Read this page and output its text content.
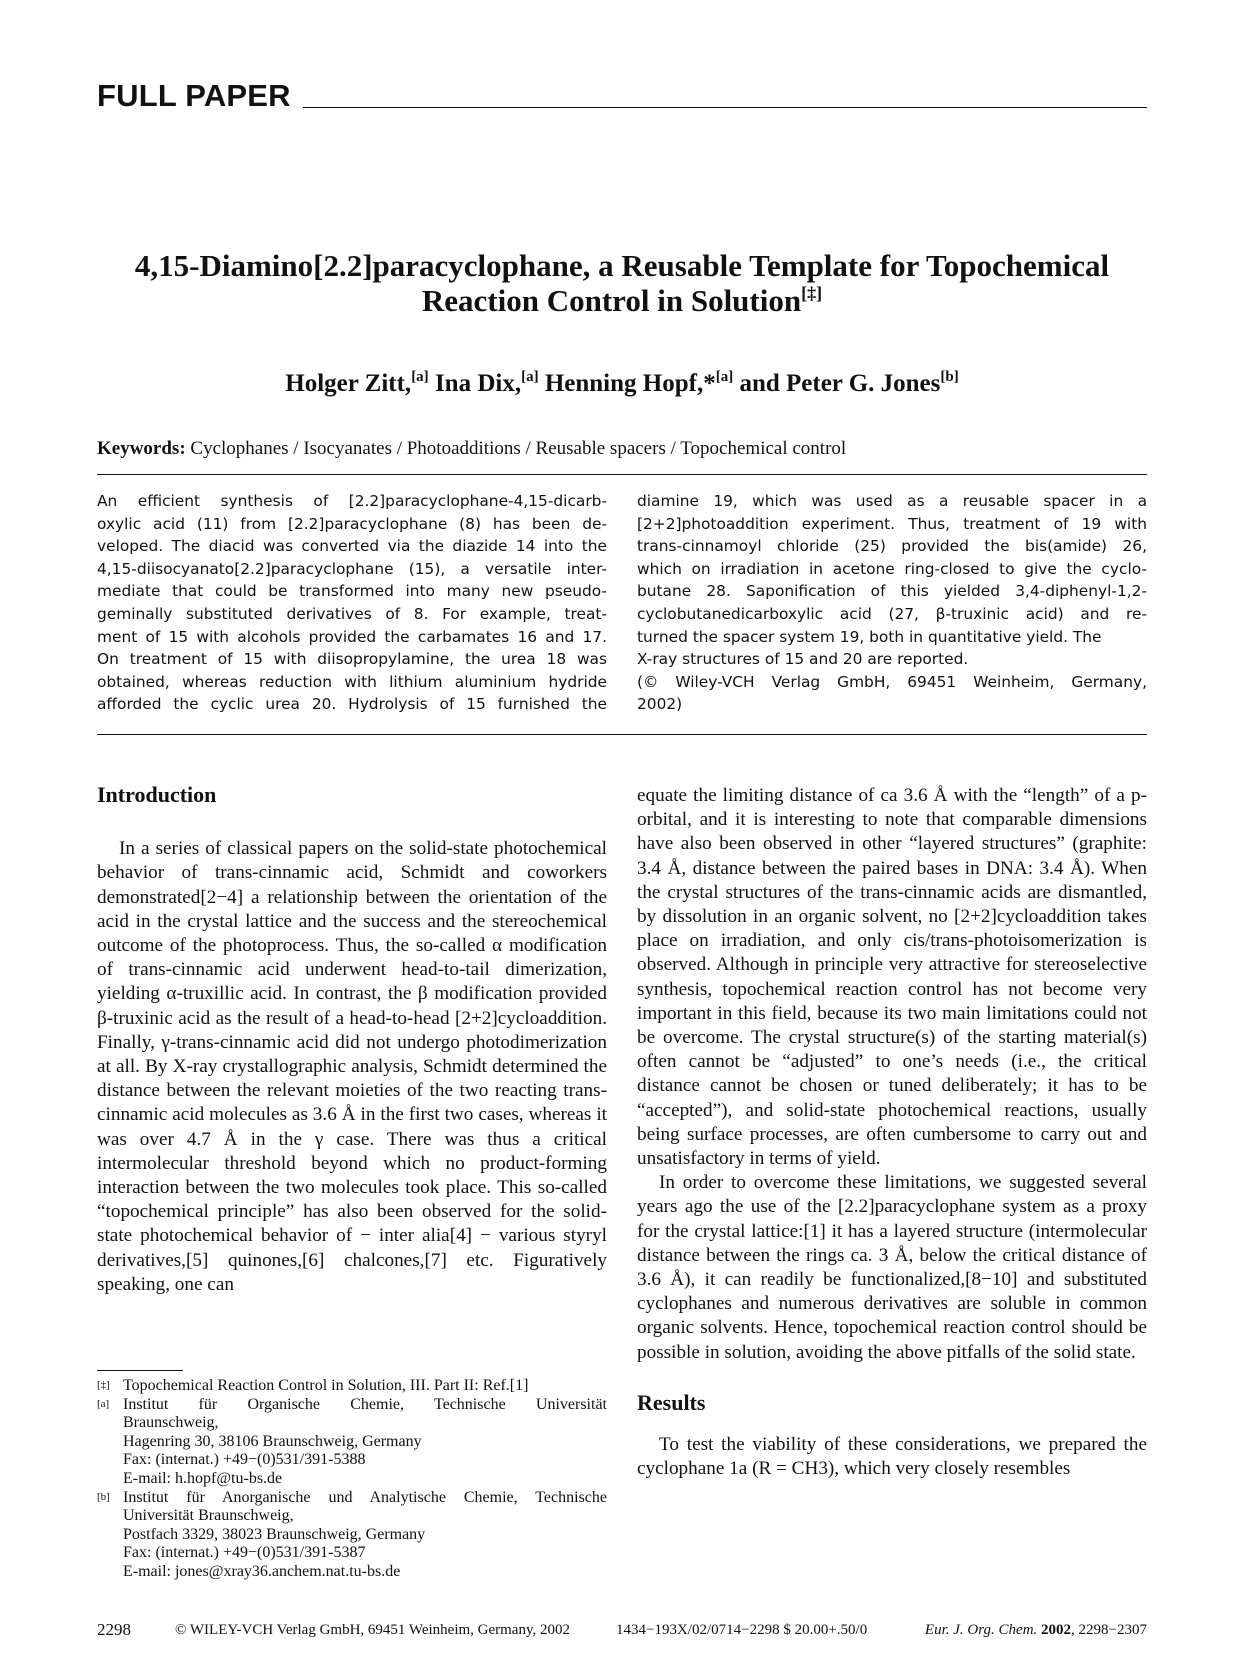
FULL PAPER
4,15-Diamino[2.2]paracyclophane, a Reusable Template for Topochemical
Reaction Control in Solution[‡]
Holger Zitt,[a] Ina Dix,[a] Henning Hopf,*[a] and Peter G. Jones[b]
Keywords: Cyclophanes / Isocyanates / Photoadditions / Reusable spacers / Topochemical control

An efficient synthesis of [2.2]paracyclophane-4,15-dicarb-
oxylic acid (11) from [2.2]paracyclophane (8) has been de-
veloped. The diacid was converted via the diazide 14 into the
4,15-diisocyanato[2.2]paracyclophane (15), a versatile inter-
mediate that could be transformed into many new pseudo-
geminally substituted derivatives of 8. For example, treat-
ment of 15 with alcohols provided the carbamates 16 and 17.
On treatment of 15 with diisopropylamine, the urea 18 was
obtained, whereas reduction with lithium aluminium hydride
afforded the cyclic urea 20. Hydrolysis of 15 furnished the

diamine 19, which was used as a reusable spacer in a
[2+2]photoaddition experiment. Thus, treatment of 19 with
trans-cinnamoyl chloride (25) provided the bis(amide) 26,
which on irradiation in acetone ring-closed to give the cyclo-
butane 28. Saponification of this yielded 3,4-diphenyl-1,2-
cyclobutanedicarboxylic acid (27, β-truxinic acid) and re-
turned the spacer system 19, both in quantitative yield. The
X-ray structures of 15 and 20 are reported.
(© Wiley-VCH Verlag GmbH, 69451 Weinheim, Germany,
2002)

Introduction

In a series of classical papers on the solid-state photochemical behavior of trans-cinnamic acid, Schmidt and coworkers demonstrated[2−4] a relationship between the orientation of the acid in the crystal lattice and the success and the stereochemical outcome of the photoprocess. Thus, the so-called α modification of trans-cinnamic acid underwent head-to-tail dimerization, yielding α-truxillic acid. In contrast, the β modification provided β-truxinic acid as the result of a head-to-head [2+2]cycloaddition. Finally, γ-trans-cinnamic acid did not undergo photodimerization at all. By X-ray crystallographic analysis, Schmidt determined the distance between the relevant moieties of the two reacting trans-cinnamic acid molecules as 3.6 Å in the first two cases, whereas it was over 4.7 Å in the γ case. There was thus a critical intermolecular threshold beyond which no product-forming interaction between the two molecules took place. This so-called “topochemical principle” has also been observed for the solid-state photochemical behavior of − inter alia[4] − various styryl derivatives,[5] quinones,[6] chalcones,[7] etc. Figuratively speaking, one can

equate the limiting distance of ca 3.6 Å with the “length” of a p-orbital, and it is interesting to note that comparable dimensions have also been observed in other “layered structures” (graphite: 3.4 Å, distance between the paired bases in DNA: 3.4 Å). When the crystal structures of the trans-cinnamic acids are dismantled, by dissolution in an organic solvent, no [2+2]cycloaddition takes place on irradiation, and only cis/trans-photoisomerization is observed. Although in principle very attractive for stereoselective synthesis, topochemical reaction control has not become very important in this field, because its two main limitations could not be overcome. The crystal structure(s) of the starting material(s) often cannot be “adjusted” to one’s needs (i.e., the critical distance cannot be chosen or tuned deliberately; it has to be “accepted”), and solid-state photochemical reactions, usually being surface processes, are often cumbersome to carry out and unsatisfactory in terms of yield.

In order to overcome these limitations, we suggested several years ago the use of the [2.2]paracyclophane system as a proxy for the crystal lattice:[1] it has a layered structure (intermolecular distance between the rings ca. 3 Å, below the critical distance of 3.6 Å), it can readily be functionalized,[8−10] and substituted cyclophanes and numerous derivatives are soluble in common organic solvents. Hence, topochemical reaction control should be possible in solution, avoiding the above pitfalls of the solid state.

Results

To test the viability of these considerations, we prepared the cyclophane 1a (R = CH3), which very closely resembles

[‡] Topochemical Reaction Control in Solution, III. Part II: Ref.[1]
[a] Institut für Organische Chemie, Technische Universität
Braunschweig,
Hagenring 30, 38106 Braunschweig, Germany
Fax: (internat.) +49−(0)531/391-5388
E-mail: h.hopf@tu-bs.de
[b] Institut für Anorganische und Analytische Chemie, Technische
Universität Braunschweig,
Postfach 3329, 38023 Braunschweig, Germany
Fax: (internat.) +49−(0)531/391-5387
E-mail: jones@xray36.anchem.nat.tu-bs.de
2298	© WILEY-VCH Verlag GmbH, 69451 Weinheim, Germany, 2002	1434−193X/02/0714−2298 $ 20.00+.50/0	Eur. J. Org. Chem. 2002, 2298−2307
